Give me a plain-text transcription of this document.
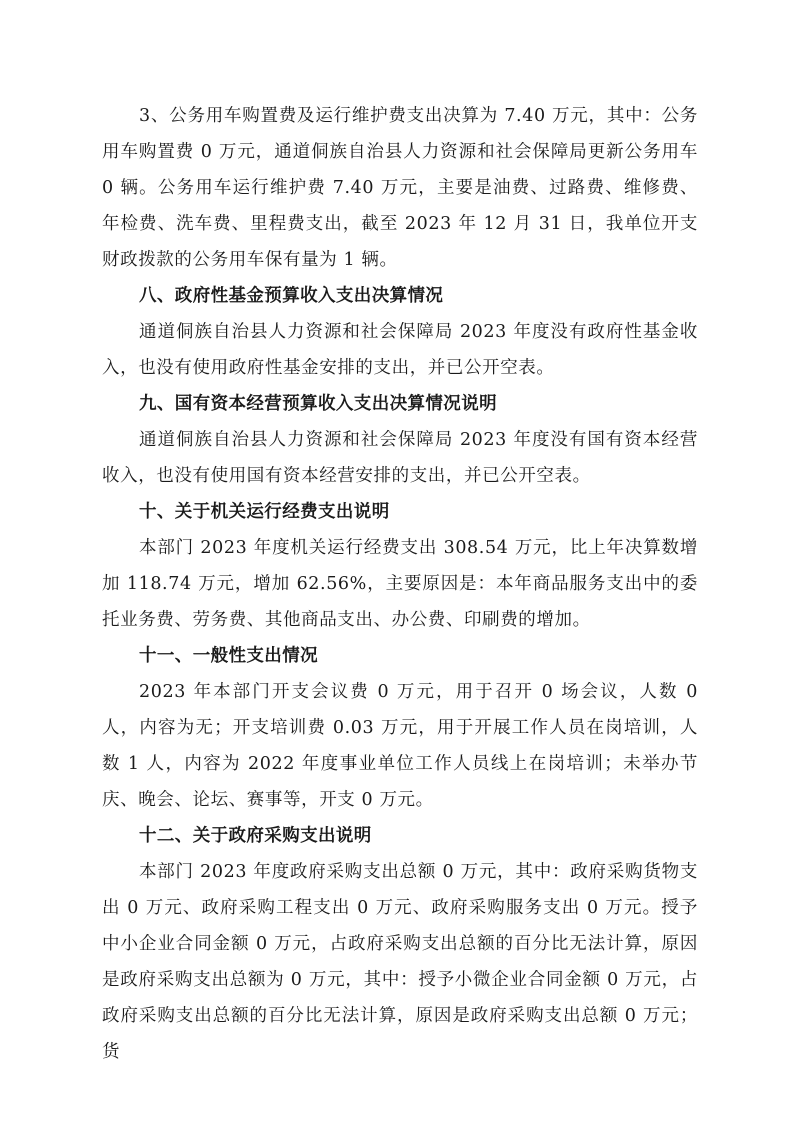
3、公务用车购置费及运行维护费支出决算为 7.40 万元，其中：公务用车购置费 0 万元，通道侗族自治县人力资源和社会保障局更新公务用车 0 辆。公务用车运行维护费 7.40 万元，主要是油费、过路费、维修费、年检费、洗车费、里程费支出，截至 2023 年 12 月 31 日，我单位开支财政拨款的公务用车保有量为 1 辆。

八、政府性基金预算收入支出决算情况

通道侗族自治县人力资源和社会保障局 2023 年度没有政府性基金收入，也没有使用政府性基金安排的支出，并已公开空表。

九、国有资本经营预算收入支出决算情况说明

通道侗族自治县人力资源和社会保障局 2023 年度没有国有资本经营收入，也没有使用国有资本经营安排的支出，并已公开空表。

十、关于机关运行经费支出说明

本部门 2023 年度机关运行经费支出 308.54 万元，比上年决算数增加 118.74 万元，增加 62.56%，主要原因是：本年商品服务支出中的委托业务费、劳务费、其他商品支出、办公费、印刷费的增加。

十一、一般性支出情况

2023 年本部门开支会议费 0 万元，用于召开 0 场会议，人数 0 人，内容为无；开支培训费 0.03 万元，用于开展工作人员在岗培训，人数 1 人，内容为 2022 年度事业单位工作人员线上在岗培训；未举办节庆、晚会、论坛、赛事等，开支 0 万元。

十二、关于政府采购支出说明

本部门 2023 年度政府采购支出总额 0 万元，其中：政府采购货物支出 0 万元、政府采购工程支出 0 万元、政府采购服务支出 0 万元。授予中小企业合同金额 0 万元，占政府采购支出总额的百分比无法计算，原因是政府采购支出总额为 0 万元，其中：授予小微企业合同金额 0 万元，占政府采购支出总额的百分比无法计算，原因是政府采购支出总额 0 万元；货
